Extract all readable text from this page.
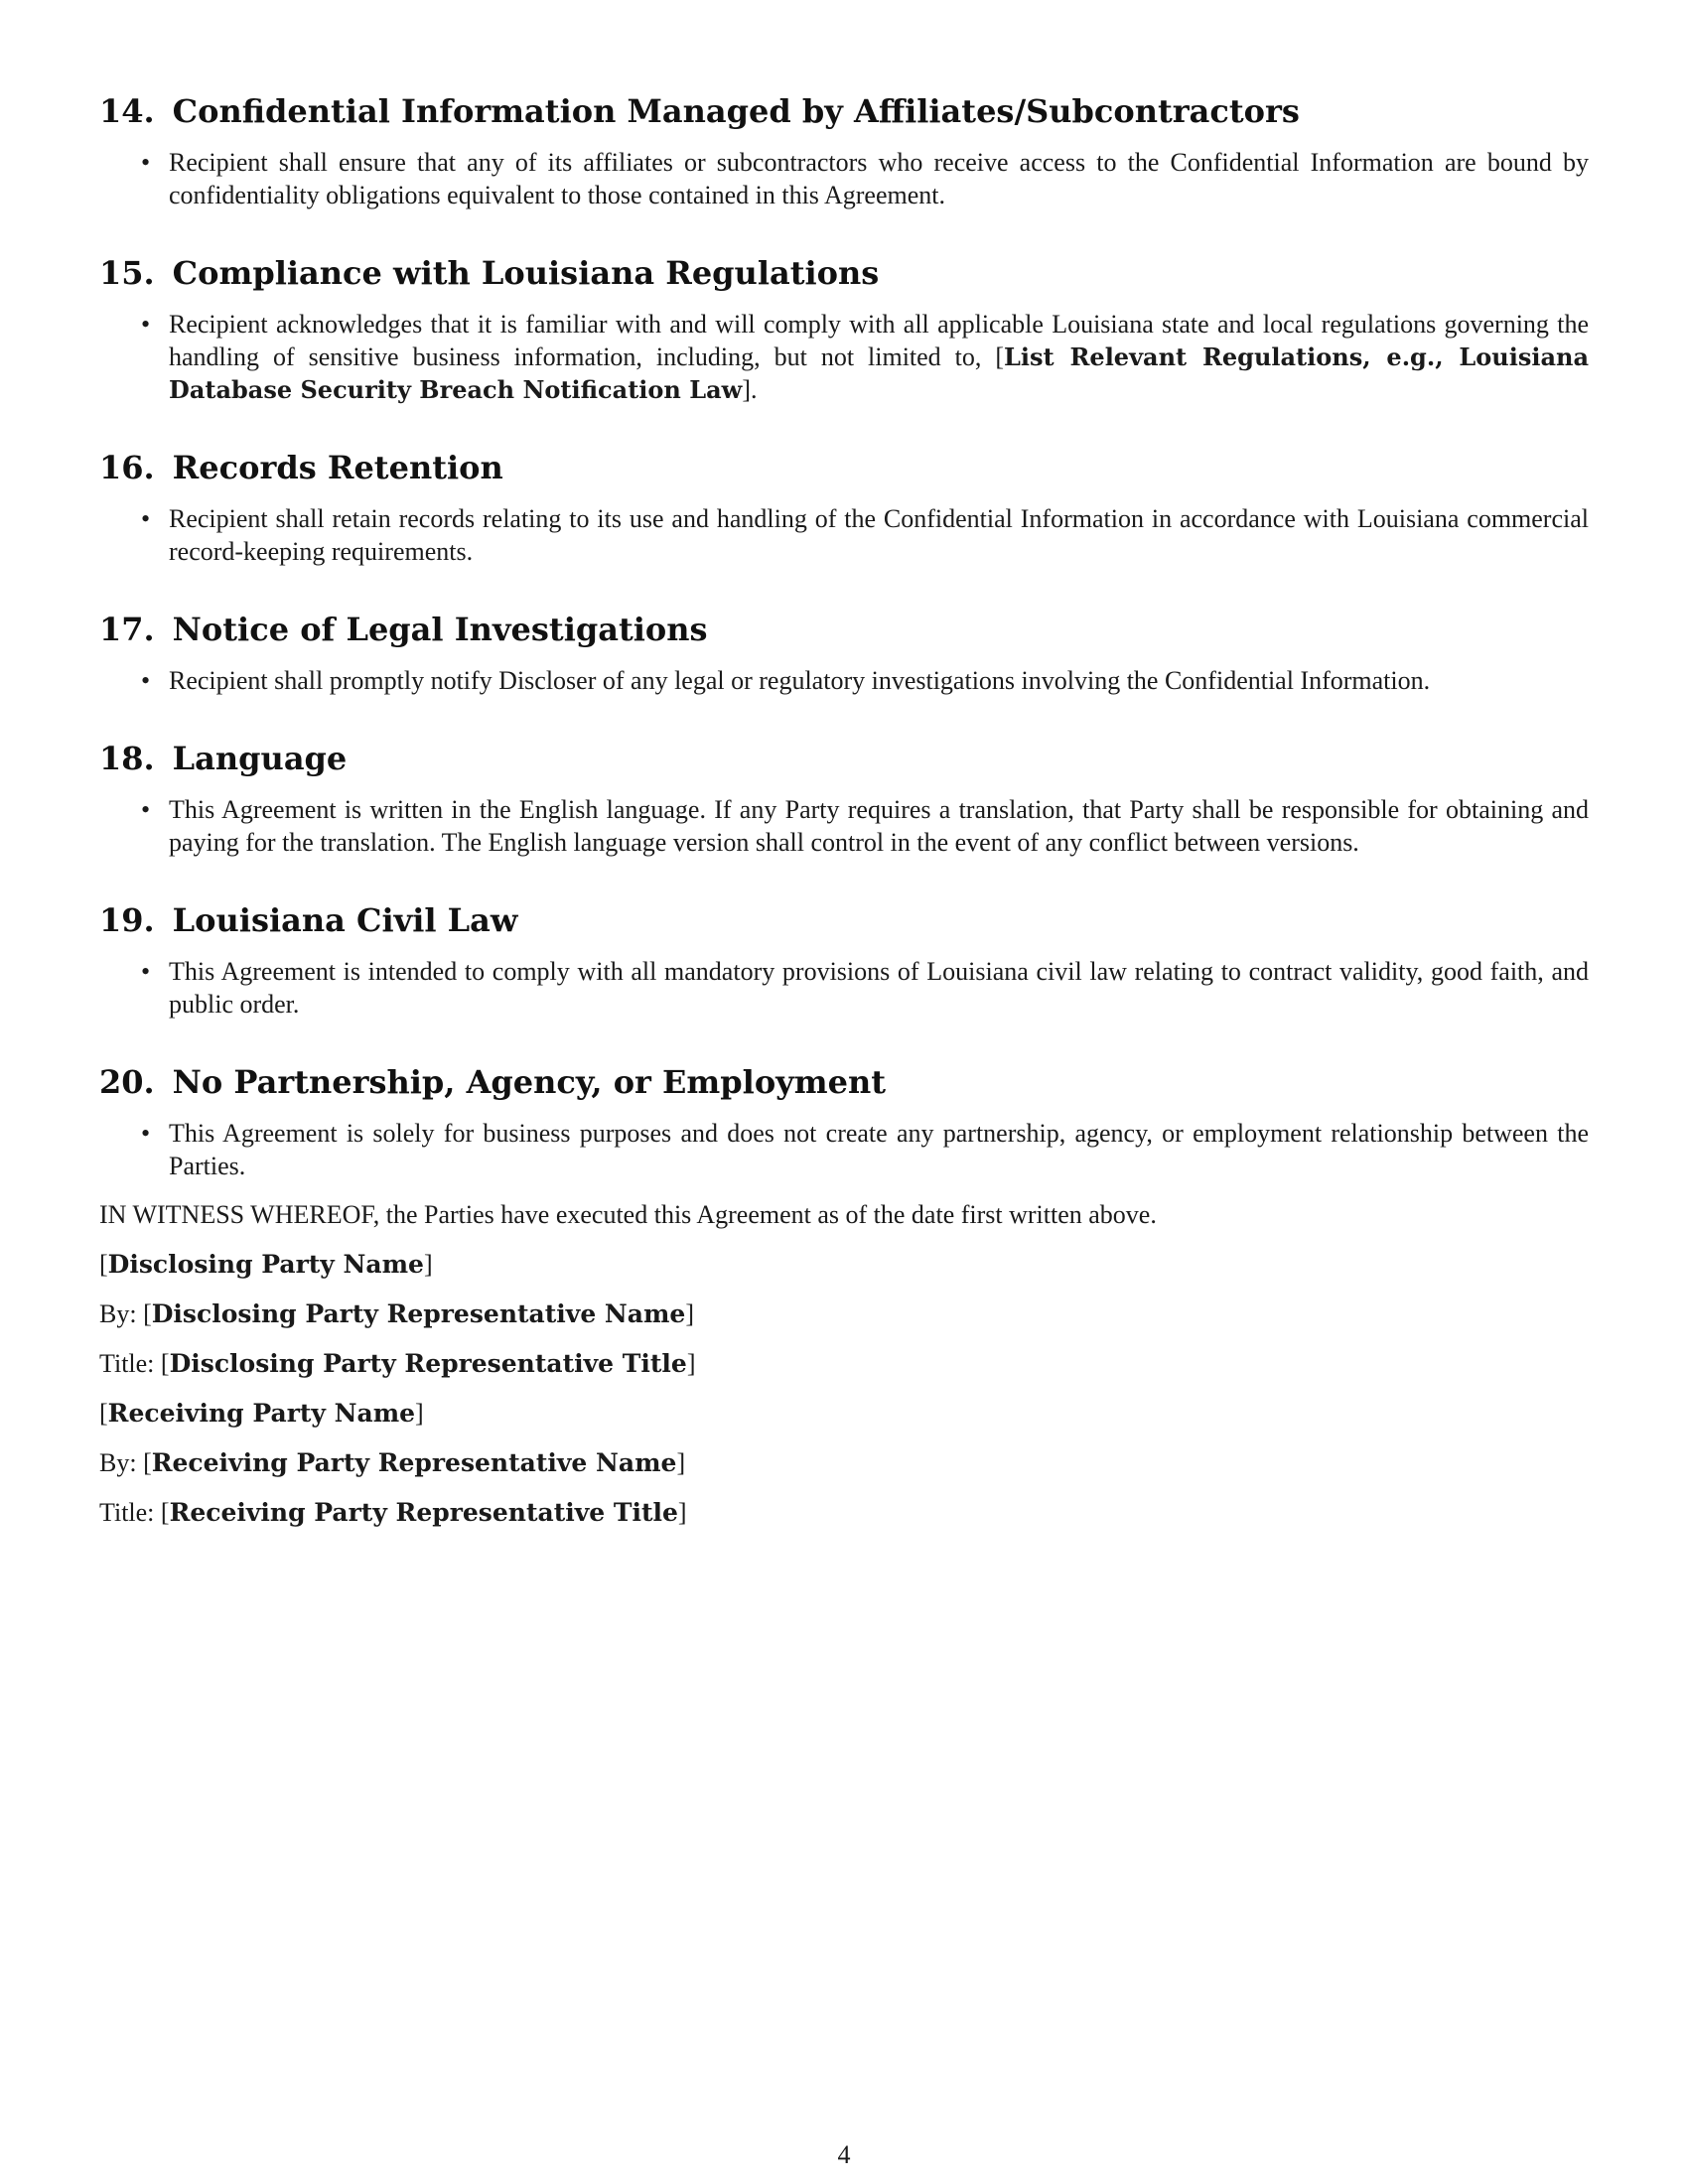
14. Confidential Information Managed by Affiliates/Subcontractors
• Recipient shall ensure that any of its affiliates or subcontractors who receive access to the Confidential Information are bound by confidentiality obligations equivalent to those contained in this Agreement.
15. Compliance with Louisiana Regulations
• Recipient acknowledges that it is familiar with and will comply with all applicable Louisiana state and local regulations governing the handling of sensitive business information, including, but not limited to, [List Relevant Regulations, e.g., Louisiana Database Security Breach Notification Law].
16. Records Retention
• Recipient shall retain records relating to its use and handling of the Confidential Information in accordance with Louisiana commercial record-keeping requirements.
17. Notice of Legal Investigations
• Recipient shall promptly notify Discloser of any legal or regulatory investigations involving the Confidential Information.
18. Language
• This Agreement is written in the English language. If any Party requires a translation, that Party shall be responsible for obtaining and paying for the translation. The English language version shall control in the event of any conflict between versions.
19. Louisiana Civil Law
• This Agreement is intended to comply with all mandatory provisions of Louisiana civil law relating to contract validity, good faith, and public order.
20. No Partnership, Agency, or Employment
• This Agreement is solely for business purposes and does not create any partnership, agency, or employment relationship between the Parties.

IN WITNESS WHEREOF, the Parties have executed this Agreement as of the date first written above.

[Disclosing Party Name]

By: [Disclosing Party Representative Name]

Title: [Disclosing Party Representative Title]

[Receiving Party Name]

By: [Receiving Party Representative Name]

Title: [Receiving Party Representative Title]

4
